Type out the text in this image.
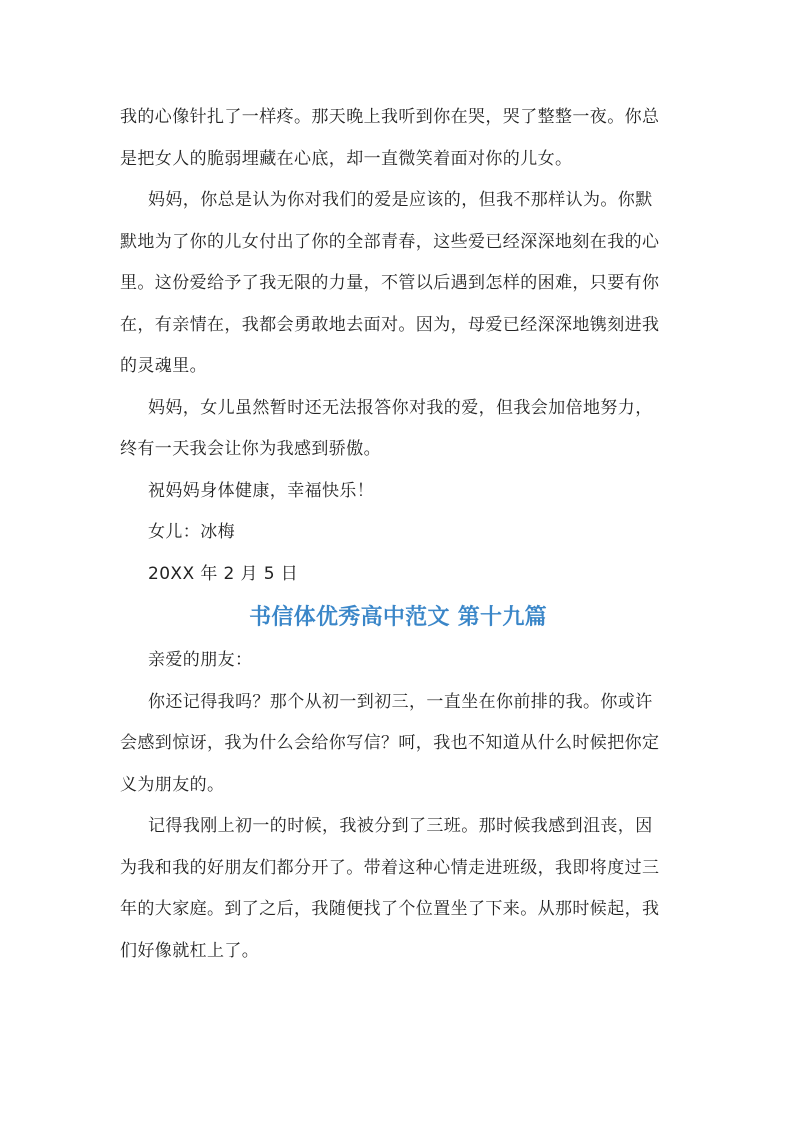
我的心像针扎了一样疼。那天晚上我听到你在哭，哭了整整一夜。你总
是把女人的脆弱埋藏在心底，却一直微笑着面对你的儿女。

妈妈，你总是认为你对我们的爱是应该的，但我不那样认为。你默
默地为了你的儿女付出了你的全部青春，这些爱已经深深地刻在我的心
里。这份爱给予了我无限的力量，不管以后遇到怎样的困难，只要有你
在，有亲情在，我都会勇敢地去面对。因为，母爱已经深深地镌刻进我
的灵魂里。

妈妈，女儿虽然暂时还无法报答你对我的爱，但我会加倍地努力，
终有一天我会让你为我感到骄傲。

祝妈妈身体健康，幸福快乐！

女儿：冰梅

20XX 年 2 月 5 日

书信体优秀高中范文 第十九篇

亲爱的朋友：

你还记得我吗？那个从初一到初三，一直坐在你前排的我。你或许
会感到惊讶，我为什么会给你写信？呵，我也不知道从什么时候把你定
义为朋友的。

记得我刚上初一的时候，我被分到了三班。那时候我感到沮丧，因
为我和我的好朋友们都分开了。带着这种心情走进班级，我即将度过三
年的大家庭。到了之后，我随便找了个位置坐了下来。从那时候起，我
们好像就杠上了。
